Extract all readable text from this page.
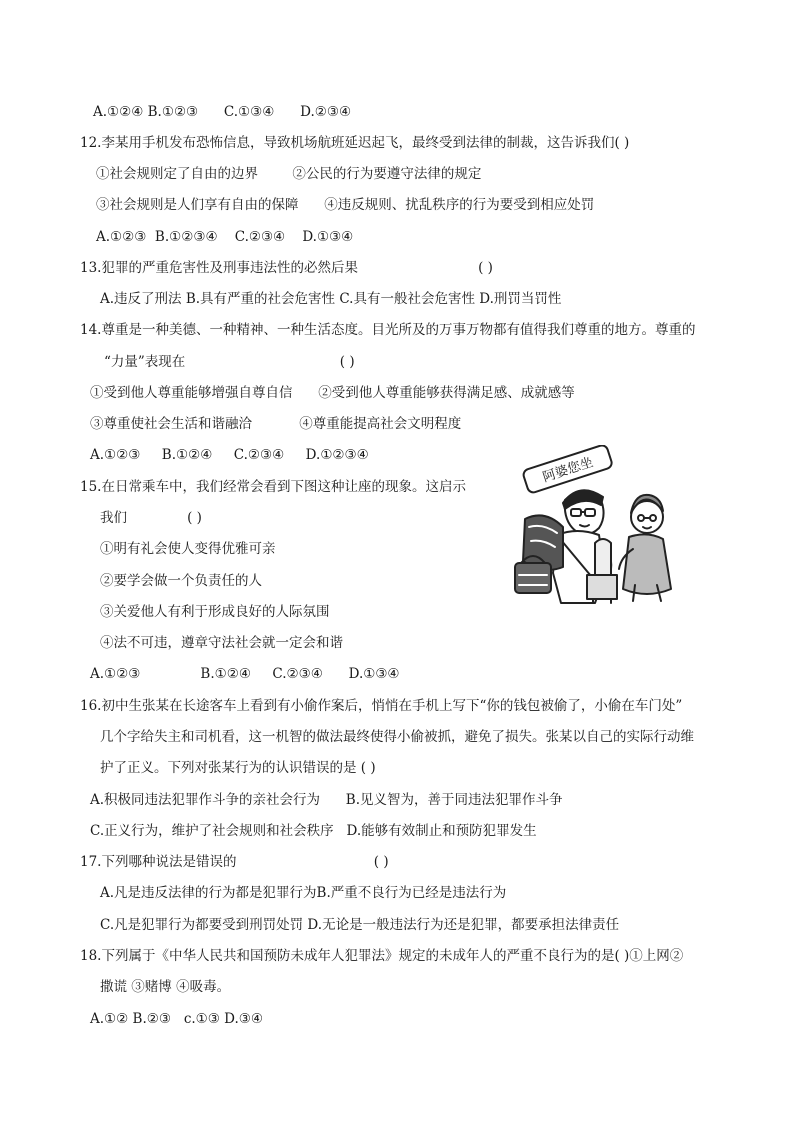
A.①②④ B.①②③      C.①③④      D.②③④
12.李某用手机发布恐怖信息，导致机场航班延迟起飞，最终受到法律的制裁，这告诉我们( )
①社会规则定了自由的边界        ②公民的行为要遵守法律的规定
③社会规则是人们享有自由的保障      ④违反规则、扰乱秩序的行为要受到相应处罚
A.①②③  B.①②③④    C.②③④    D.①③④
13.犯罪的严重危害性及刑事违法性的必然后果                            ( )
A.违反了刑法 B.具有严重的社会危害性 C.具有一般社会危害性 D.刑罚当罚性
14.尊重是一种美德、一种精神、一种生活态度。目光所及的万事万物都有值得我们尊重的地方。尊重的
“力量”表现在                                    ( )
①受到他人尊重能够增强自尊自信      ②受到他人尊重能够获得满足感、成就感等
③尊重使社会生活和谐融洽           ④尊重能提高社会文明程度
A.①②③     B.①②④     C.②③④     D.①②③④
15.在日常乘车中，我们经常会看到下图这种让座的现象。这启示
我们              ( )
①明有礼会使人变得优雅可亲
②要学会做一个负责任的人
③关爱他人有利于形成良好的人际氛围
④法不可违，遵章守法社会就一定会和谐
A.①②③              B.①②④     C.②③④      D.①③④
16.初中生张某在长途客车上看到有小偷作案后，悄悄在手机上写下“你的钱包被偷了，小偷在车门处”
几个字给失主和司机看，这一机智的做法最终使得小偷被抓，避免了损失。张某以自己的实际行动维
护了正义。下列对张某行为的认识错误的是 ( )
A.积极同违法犯罪作斗争的亲社会行为      B.见义智为，善于同违法犯罪作斗争
C.正义行为，维护了社会规则和社会秩序   D.能够有效制止和预防犯罪发生
17.下列哪种说法是错误的                                ( )
A.凡是违反法律的行为都是犯罪行为B.严重不良行为已经是违法行为
C.凡是犯罪行为都要受到刑罚处罚 D.无论是一般违法行为还是犯罪，都要承担法律责任
18.下列属于《中华人民共和国预防未成年人犯罪法》规定的未成年人的严重不良行为的是( )①上网②
撒谎 ③赌博 ④吸毒。
A.①② B.②③   c.①③ D.③④
阿婆您坐
